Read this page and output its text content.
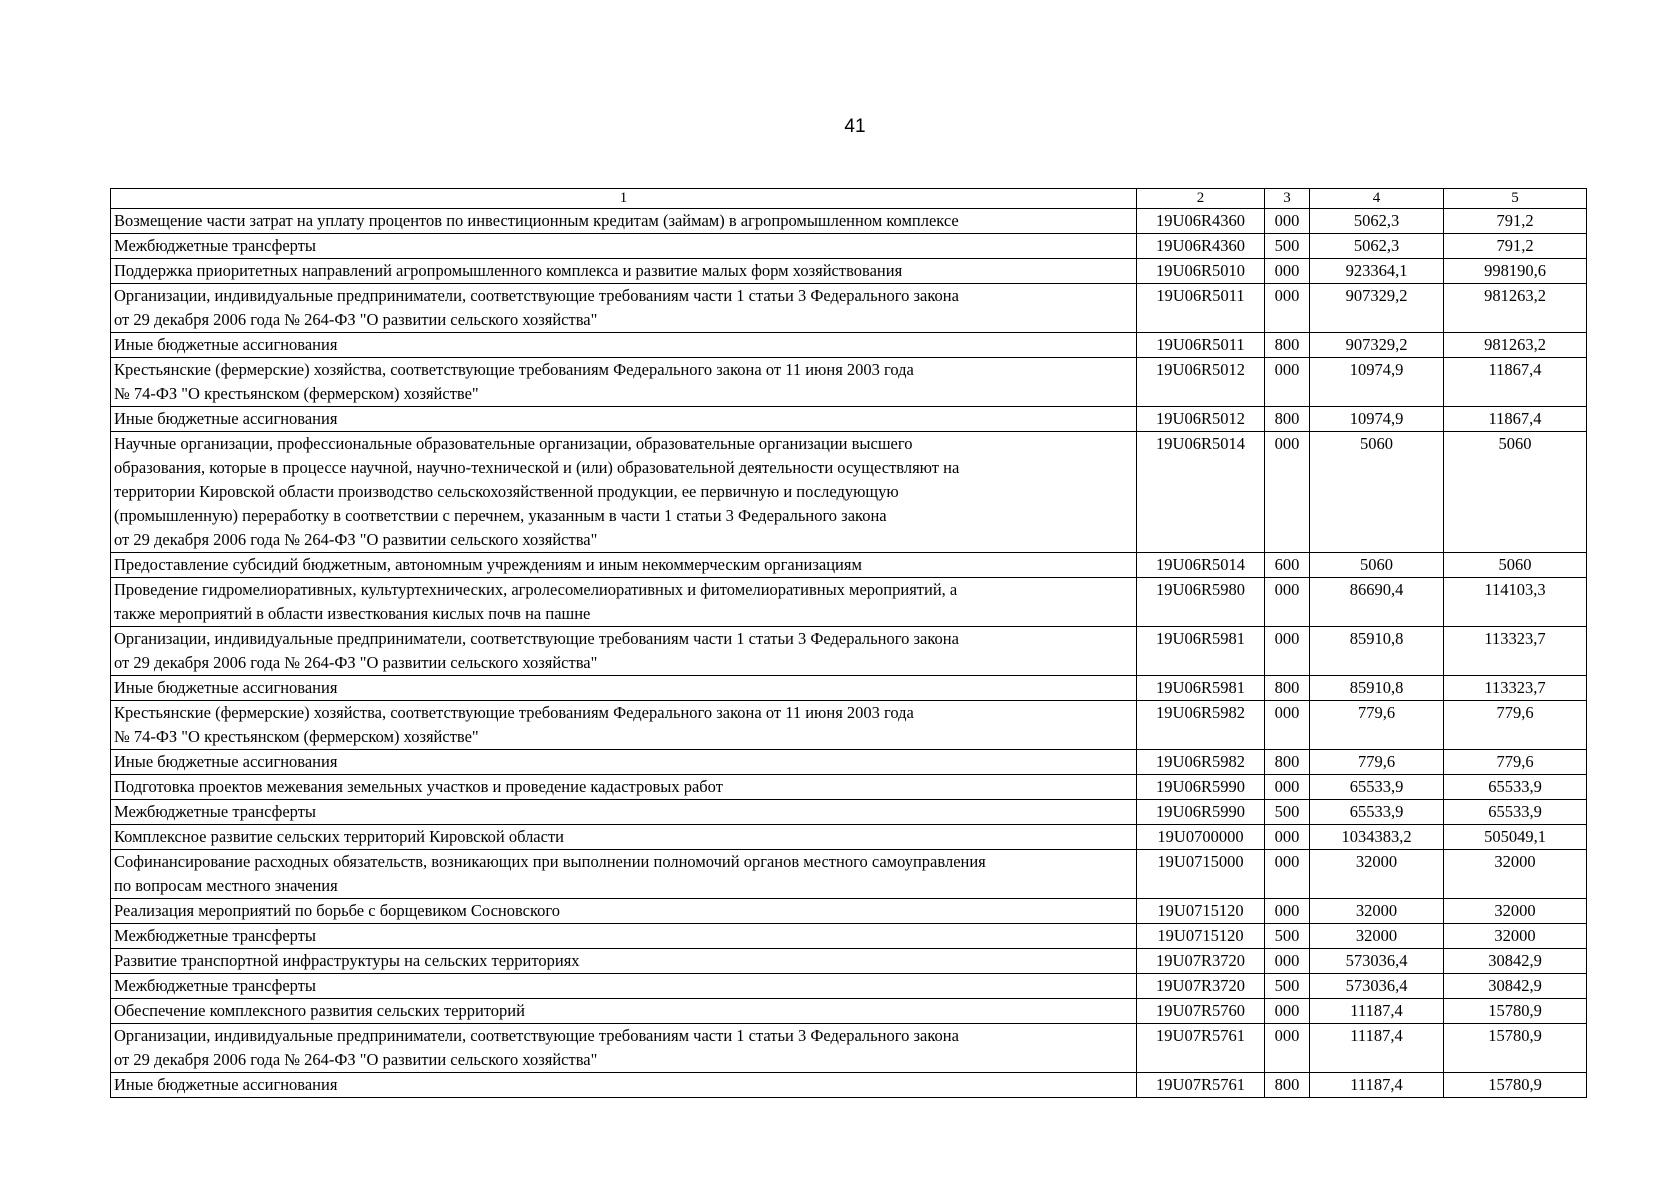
41
1	2	3	4	5
Возмещение части затрат на уплату процентов по инвестиционным кредитам (займам) в агропромышленном комплексе	19U06R4360	000	5062,3	791,2
Межбюджетные трансферты	19U06R4360	500	5062,3	791,2
Поддержка приоритетных направлений агропромышленного комплекса и развитие малых форм хозяйствования	19U06R5010	000	923364,1	998190,6
Организации, индивидуальные предприниматели, соответствующие требованиям части 1 статьи 3 Федерального закона
от 29 декабря 2006 года № 264-ФЗ "О развитии сельского хозяйства"	19U06R5011	000	907329,2	981263,2
Иные бюджетные ассигнования	19U06R5011	800	907329,2	981263,2
Крестьянские (фермерские) хозяйства, соответствующие требованиям Федерального закона от 11 июня 2003 года
№ 74-ФЗ "О крестьянском (фермерском) хозяйстве"	19U06R5012	000	10974,9	11867,4
Иные бюджетные ассигнования	19U06R5012	800	10974,9	11867,4
Научные организации, профессиональные образовательные организации, образовательные организации высшего
образования, которые в процессе научной, научно-технической и (или) образовательной деятельности осуществляют на
территории Кировской области производство сельскохозяйственной продукции, ее первичную и последующую
(промышленную) переработку в соответствии с перечнем, указанным в части 1 статьи 3 Федерального закона
от 29 декабря 2006 года № 264-ФЗ "О развитии сельского хозяйства"	19U06R5014	000	5060	5060
Предоставление субсидий бюджетным, автономным учреждениям и иным некоммерческим организациям	19U06R5014	600	5060	5060
Проведение гидромелиоративных, культуртехнических, агролесомелиоративных и фитомелиоративных мероприятий, а
также мероприятий в области известкования кислых почв на пашне	19U06R5980	000	86690,4	114103,3
Организации, индивидуальные предприниматели, соответствующие требованиям части 1 статьи 3 Федерального закона
от 29 декабря 2006 года № 264-ФЗ "О развитии сельского хозяйства"	19U06R5981	000	85910,8	113323,7
Иные бюджетные ассигнования	19U06R5981	800	85910,8	113323,7
Крестьянские (фермерские) хозяйства, соответствующие требованиям Федерального закона от 11 июня 2003 года
№ 74-ФЗ "О крестьянском (фермерском) хозяйстве"	19U06R5982	000	779,6	779,6
Иные бюджетные ассигнования	19U06R5982	800	779,6	779,6
Подготовка проектов межевания земельных участков и проведение кадастровых работ	19U06R5990	000	65533,9	65533,9
Межбюджетные трансферты	19U06R5990	500	65533,9	65533,9
Комплексное развитие сельских территорий Кировской области	19U0700000	000	1034383,2	505049,1
Софинансирование расходных обязательств, возникающих при выполнении полномочий органов местного самоуправления
по вопросам местного значения	19U0715000	000	32000	32000
Реализация мероприятий по борьбе с борщевиком Сосновского	19U0715120	000	32000	32000
Межбюджетные трансферты	19U0715120	500	32000	32000
Развитие транспортной инфраструктуры на сельских территориях	19U07R3720	000	573036,4	30842,9
Межбюджетные трансферты	19U07R3720	500	573036,4	30842,9
Обеспечение комплексного развития сельских территорий	19U07R5760	000	11187,4	15780,9
Организации, индивидуальные предприниматели, соответствующие требованиям части 1 статьи 3 Федерального закона
от 29 декабря 2006 года № 264-ФЗ "О развитии сельского хозяйства"	19U07R5761	000	11187,4	15780,9
Иные бюджетные ассигнования	19U07R5761	800	11187,4	15780,9
